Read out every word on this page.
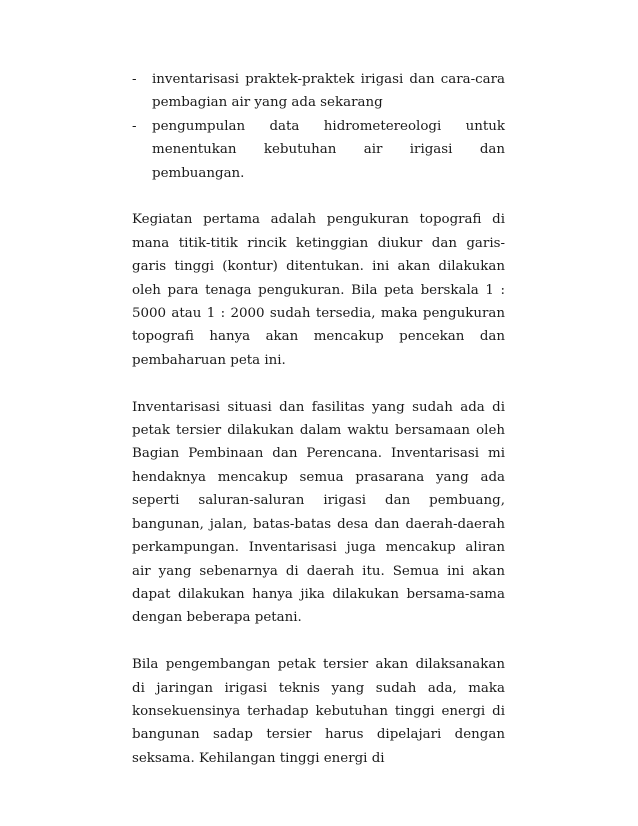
-	inventarisasi praktek-praktek irigasi dan cara-cara pembagian air yang ada sekarang
-	pengumpulan data hidrometereologi untuk menentukan kebutuhan air irigasi dan pembuangan.

Kegiatan pertama adalah pengukuran topografi di mana titik-titik rincik ketinggian diukur dan garis-garis tinggi (kontur) ditentukan. ini akan dilakukan oleh para tenaga pengukuran. Bila peta berskala 1 : 5000 atau 1 : 2000 sudah tersedia, maka pengukuran topografi hanya akan mencakup pencekan dan pembaharuan peta ini.

Inventarisasi situasi dan fasilitas yang sudah ada di petak tersier dilakukan dalam waktu bersamaan oleh Bagian Pembinaan dan Perencana. Inventarisasi mi hendaknya mencakup semua prasarana yang ada seperti saluran-saluran irigasi dan pembuang, bangunan, jalan, batas-batas desa dan daerah-daerah perkampungan. Inventarisasi juga mencakup aliran air yang sebenarnya di daerah itu. Semua ini akan dapat dilakukan hanya jika dilakukan bersama-sama dengan beberapa petani.

Bila pengembangan petak tersier akan dilaksanakan di jaringan irigasi teknis yang sudah ada, maka konsekuensinya terhadap kebutuhan tinggi energi di bangunan sadap tersier harus dipelajari dengan seksama. Kehilangan tinggi energi di
